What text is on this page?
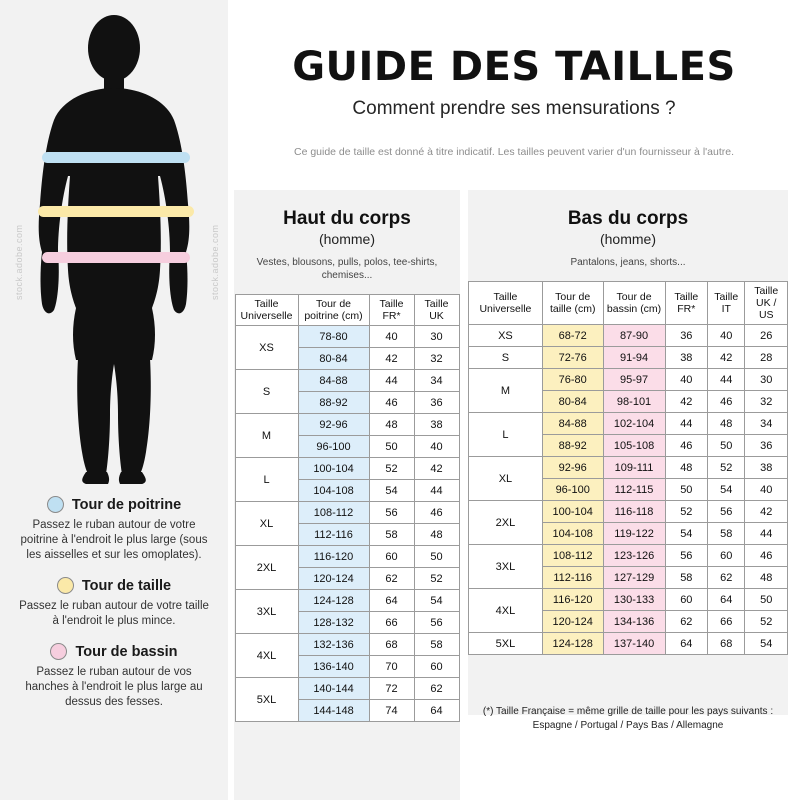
stock.adobe.com	stock.adobe.com
Tour de poitrine
Passez le ruban autour de votre poitrine à l'endroit le plus large (sous les aisselles et sur les omoplates).
Tour de taille
Passez le ruban autour de votre taille à l'endroit le plus mince.
Tour de bassin
Passez le ruban autour de vos hanches à l'endroit le plus large au dessus des fesses.
GUIDE DES TAILLES
Comment prendre ses mensurations ?
Ce guide de taille est donné à titre indicatif. Les tailles peuvent varier d'un fournisseur à l'autre.
Haut du corps
(homme)
Vestes, blousons, pulls, polos, tee-shirts, chemises...
Taille Universelle	Tour de poitrine (cm)	Taille FR*	Taille UK
XS	78-80	40	30
	80-84	42	32
S	84-88	44	34
	88-92	46	36
M	92-96	48	38
	96-100	50	40
L	100-104	52	42
	104-108	54	44
XL	108-112	56	46
	112-116	58	48
2XL	116-120	60	50
	120-124	62	52
3XL	124-128	64	54
	128-132	66	56
4XL	132-136	68	58
	136-140	70	60
5XL	140-144	72	62
	144-148	74	64
Bas du corps
(homme)
Pantalons, jeans, shorts...
Taille Universelle	Tour de taille (cm)	Tour de bassin (cm)	Taille FR*	Taille IT	Taille UK / US
XS	68-72	87-90	36	40	26
S	72-76	91-94	38	42	28
M	76-80	95-97	40	44	30
	80-84	98-101	42	46	32
L	84-88	102-104	44	48	34
	88-92	105-108	46	50	36
XL	92-96	109-111	48	52	38
	96-100	112-115	50	54	40
2XL	100-104	116-118	52	56	42
	104-108	119-122	54	58	44
3XL	108-112	123-126	56	60	46
	112-116	127-129	58	62	48
4XL	116-120	130-133	60	64	50
	120-124	134-136	62	66	52
5XL	124-128	137-140	64	68	54
(*) Taille Française = même grille de taille pour les pays suivants : Espagne / Portugal / Pays Bas / Allemagne
